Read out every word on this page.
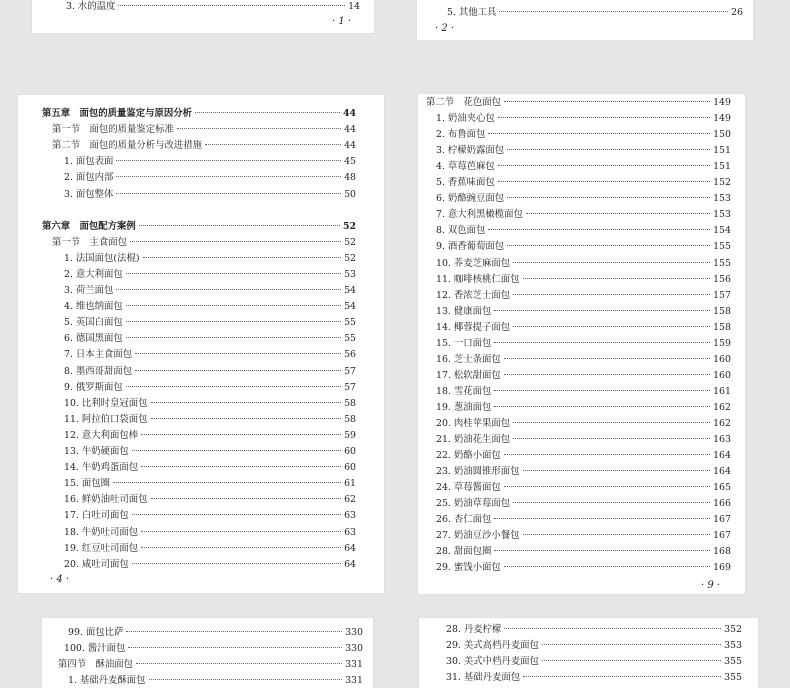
3. 水的温度	14
· 1 ·
5. 其他工具	26
· 2 ·
第五章　面包的质量鉴定与原因分析	44
第一节　面包的质量鉴定标准	44
第二节　面包的质量分析与改进措施	44
1. 面包表面	45
2. 面包内部	48
3. 面包整体	50
第六章　面包配方案例	52
第一节　主食面包	52
1. 法国面包(法棍)	52
2. 意大利面包	53
3. 荷兰面包	54
4. 维也纳面包	54
5. 英国白面包	55
6. 德国黑面包	55
7. 日本主食面包	56
8. 墨西哥甜面包	57
9. 俄罗斯面包	57
10. 比利时皇冠面包	58
11. 阿拉伯口袋面包	58
12. 意大利面包棒	59
13. 牛奶硬面包	60
14. 牛奶鸡蛋面包	60
15. 面包圈	61
16. 鲜奶油吐司面包	62
17. 白吐司面包	63
18. 牛奶吐司面包	63
19. 红豆吐司面包	64
20. 咸吐司面包	64
· 4 ·
第二节　花色面包	149
1. 奶油夹心包	149
2. 布鲁面包	150
3. 柠檬奶露面包	151
4. 草莓芭麻包	151
5. 香蕉味面包	152
6. 奶酪豌豆面包	153
7. 意大利黑橄榄面包	153
8. 双色面包	154
9. 酒香葡萄面包	155
10. 荞麦芝麻面包	155
11. 咖啡核桃仁面包	156
12. 香浓芝士面包	157
13. 健康面包	158
14. 椰蓉提子面包	158
15. 一口面包	159
16. 芝士条面包	160
17. 松软甜面包	160
18. 雪花面包	161
19. 葱油面包	162
20. 肉桂苹果面包	162
21. 奶油花生面包	163
22. 奶酪小面包	164
23. 奶油圆锥形面包	164
24. 草莓酱面包	165
25. 奶油草莓面包	166
26. 杏仁面包	167
27. 奶油豆沙小餐包	167
28. 甜面包圈	168
29. 蜜饯小面包	169
· 9 ·
99. 面包比萨	330
100. 酱汁面包	330
第四节　酥油面包	331
1. 基础丹麦酥面包	331
28. 丹麦柠檬	352
29. 美式高档丹麦面包	353
30. 美式中档丹麦面包	355
31. 基础丹麦面包	355
